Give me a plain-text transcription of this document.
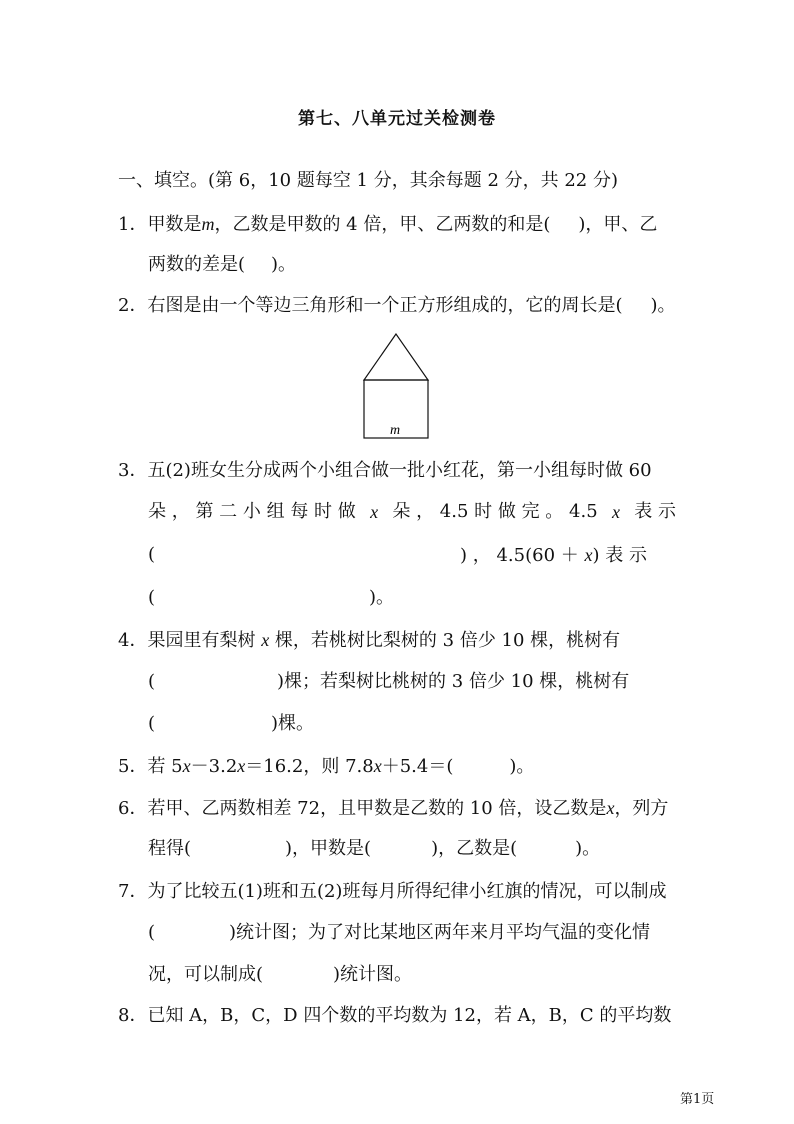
第七、八单元过关检测卷
一、填空。(第 6，10 题每空 1 分，其余每题 2 分，共 22 分)
1．甲数是m，乙数是甲数的 4 倍，甲、乙两数的和是( )，甲、乙
两数的差是( )。
2．右图是由一个等边三角形和一个正方形组成的，它的周长是( )。
m
3．五(2)班女生分成两个小组合做一批小红花，第一小组每时做 60
朵 ， 第 二 小 组 每 时 做 x 朵 ， 4.5 时 做 完 。 4.5 x 表 示
(	) ， 4.5(60 ＋ x) 表 示
(	)。
4．果园里有梨树 x 棵，若桃树比梨树的 3 倍少 10 棵，桃树有
(	)棵；若梨树比桃树的 3 倍少 10 棵，桃树有
(	)棵。
5．若 5x－3.2x＝16.2，则 7.8x＋5.4＝(	)。
6．若甲、乙两数相差 72，且甲数是乙数的 10 倍，设乙数是x，列方
程得(	)，甲数是(	)，乙数是(	)。
7．为了比较五(1)班和五(2)班每月所得纪律小红旗的情况，可以制成
(	)统计图；为了对比某地区两年来月平均气温的变化情
况，可以制成(	)统计图。
8．已知 A，B，C，D 四个数的平均数为 12，若 A，B，C 的平均数
第1页
